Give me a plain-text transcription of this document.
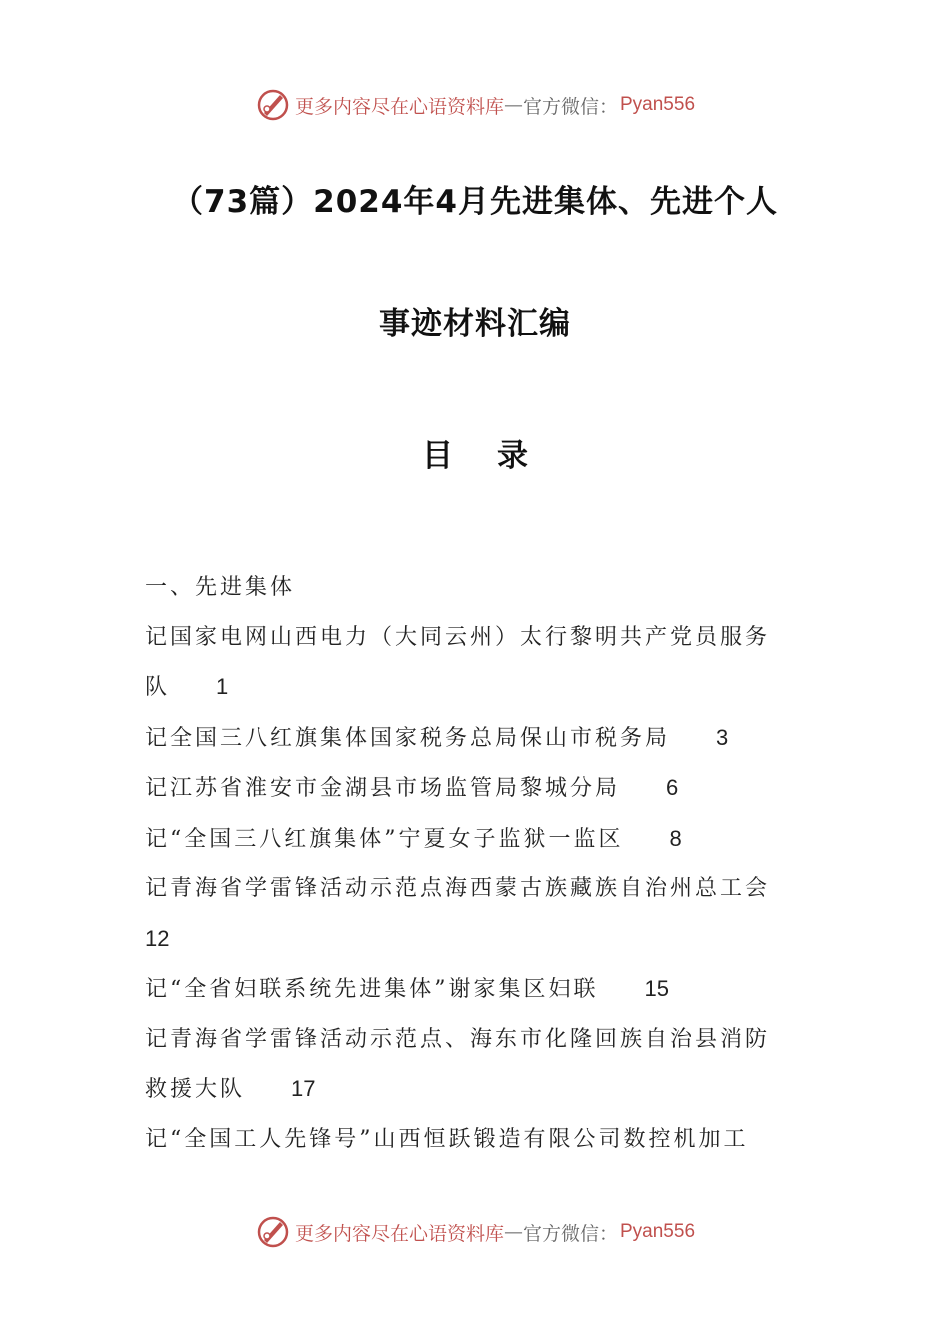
更多内容尽在心语资料库 — 官方微信： Pyan556
（73篇）2024年4月先进集体、先进个人
事迹材料汇编
目 录
一、先进集体
记国家电网山西电力（大同云州）太行黎明共产党员服务
队 1
记全国三八红旗集体国家税务总局保山市税务局 3
记江苏省淮安市金湖县市场监管局黎城分局 6
记“全国三八红旗集体”宁夏女子监狱一监区 8
记青海省学雷锋活动示范点海西蒙古族藏族自治州总工会
12
记“全省妇联系统先进集体”谢家集区妇联 15
记青海省学雷锋活动示范点、海东市化隆回族自治县消防
救援大队 17
记“全国工人先锋号”山西恒跃锻造有限公司数控机加工
更多内容尽在心语资料库 — 官方微信： Pyan556
